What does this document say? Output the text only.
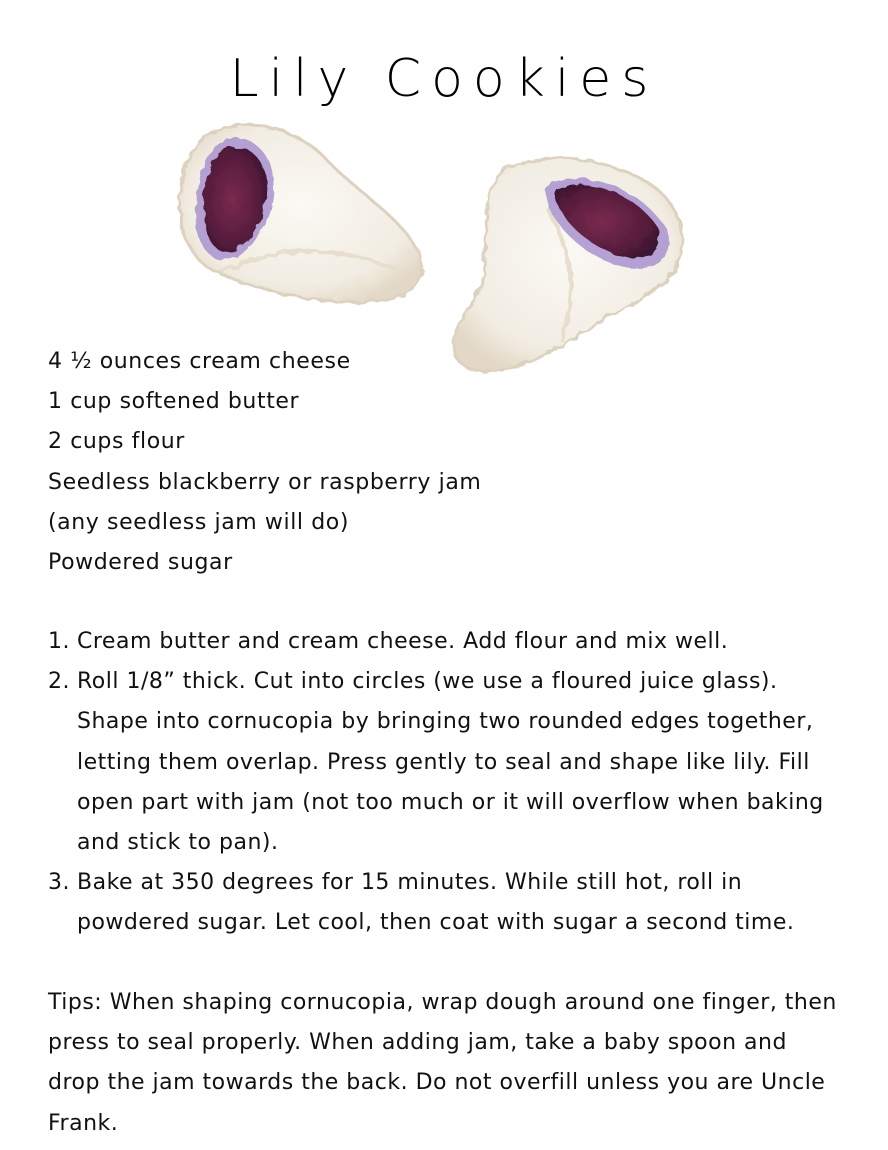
Lily Cookies
4 ½ ounces cream cheese
1 cup softened butter
2 cups flour
Seedless blackberry or raspberry jam
(any seedless jam will do)
Powdered sugar
1. Cream butter and cream cheese. Add flour and mix well.
2. Roll 1/8” thick. Cut into circles (we use a floured juice glass). Shape into cornucopia by bringing two rounded edges together, letting them overlap. Press gently to seal and shape like lily. Fill open part with jam (not too much or it will overflow when baking and stick to pan).
3. Bake at 350 degrees for 15 minutes. While still hot, roll in powdered sugar. Let cool, then coat with sugar a second time.

Tips: When shaping cornucopia, wrap dough around one finger, then press to seal properly. When adding jam, take a baby spoon and drop the jam towards the back. Do not overfill unless you are Uncle Frank.
